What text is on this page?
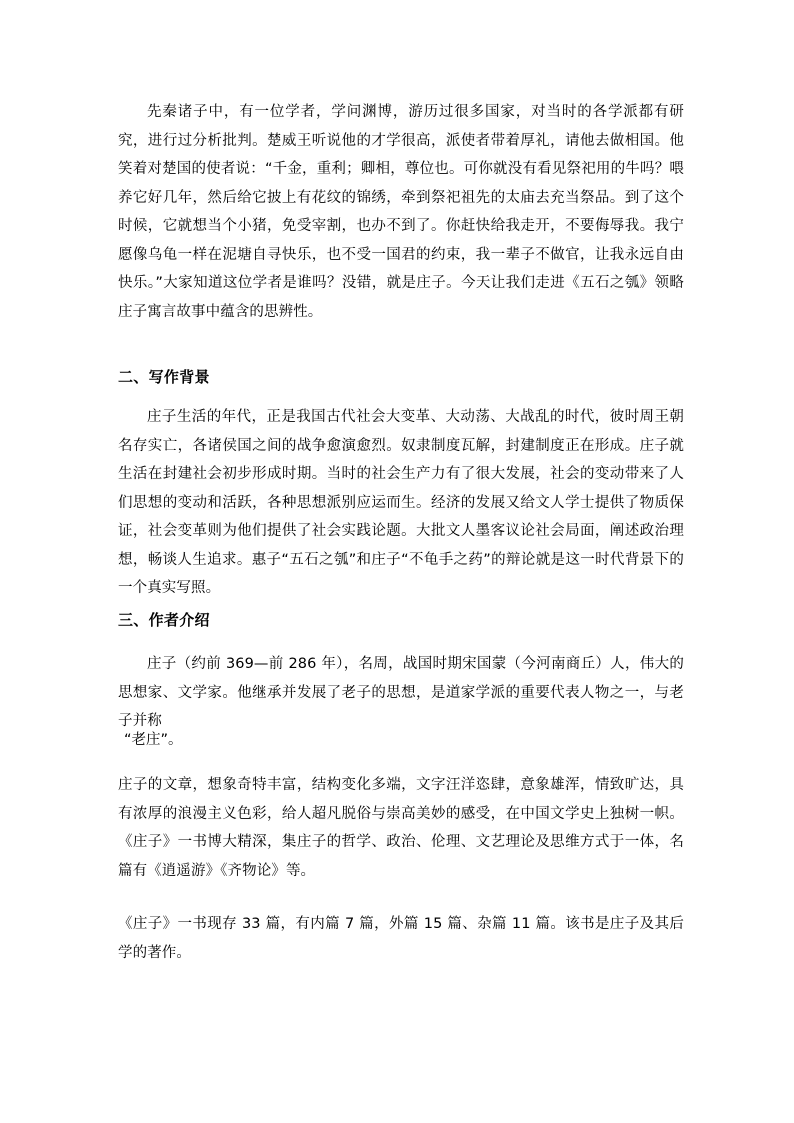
先秦诸子中，有一位学者，学问渊博，游历过很多国家，对当时的各学派都有研究，进行过分析批判。楚威王听说他的才学很高，派使者带着厚礼，请他去做相国。他笑着对楚国的使者说：“千金，重利；卿相，尊位也。可你就没有看见祭祀用的牛吗？喂养它好几年，然后给它披上有花纹的锦绣，牵到祭祀祖先的太庙去充当祭品。到了这个时候，它就想当个小猪，免受宰割，也办不到了。你赶快给我走开，不要侮辱我。我宁愿像乌龟一样在泥塘自寻快乐，也不受一国君的约束，我一辈子不做官，让我永远自由快乐。”大家知道这位学者是谁吗？没错，就是庄子。今天让我们走进《五石之瓠》领略庄子寓言故事中蕴含的思辨性。

二、写作背景

庄子生活的年代，正是我国古代社会大变革、大动荡、大战乱的时代，彼时周王朝名存实亡，各诸侯国之间的战争愈演愈烈。奴隶制度瓦解，封建制度正在形成。庄子就生活在封建社会初步形成时期。当时的社会生产力有了很大发展，社会的变动带来了人们思想的变动和活跃，各种思想派别应运而生。经济的发展又给文人学士提供了物质保证，社会变革则为他们提供了社会实践论题。大批文人墨客议论社会局面，阐述政治理想，畅谈人生追求。惠子“五石之瓠”和庄子“不龟手之药”的辩论就是这一时代背景下的一个真实写照。

三、作者介绍

庄子（约前 369—前 286 年），名周，战国时期宋国蒙（今河南商丘）人，伟大的思想家、文学家。他继承并发展了老子的思想，是道家学派的重要代表人物之一，与老子并称

“老庄”。

庄子的文章，想象奇特丰富，结构变化多端，文字汪洋恣肆，意象雄浑，情致旷达，具有浓厚的浪漫主义色彩，给人超凡脱俗与崇高美妙的感受，在中国文学史上独树一帜。《庄子》一书博大精深，集庄子的哲学、政治、伦理、文艺理论及思维方式于一体，名篇有《逍遥游》《齐物论》等。

《庄子》一书现存 33 篇，有内篇 7 篇，外篇 15 篇、杂篇 11 篇。该书是庄子及其后学的著作。
